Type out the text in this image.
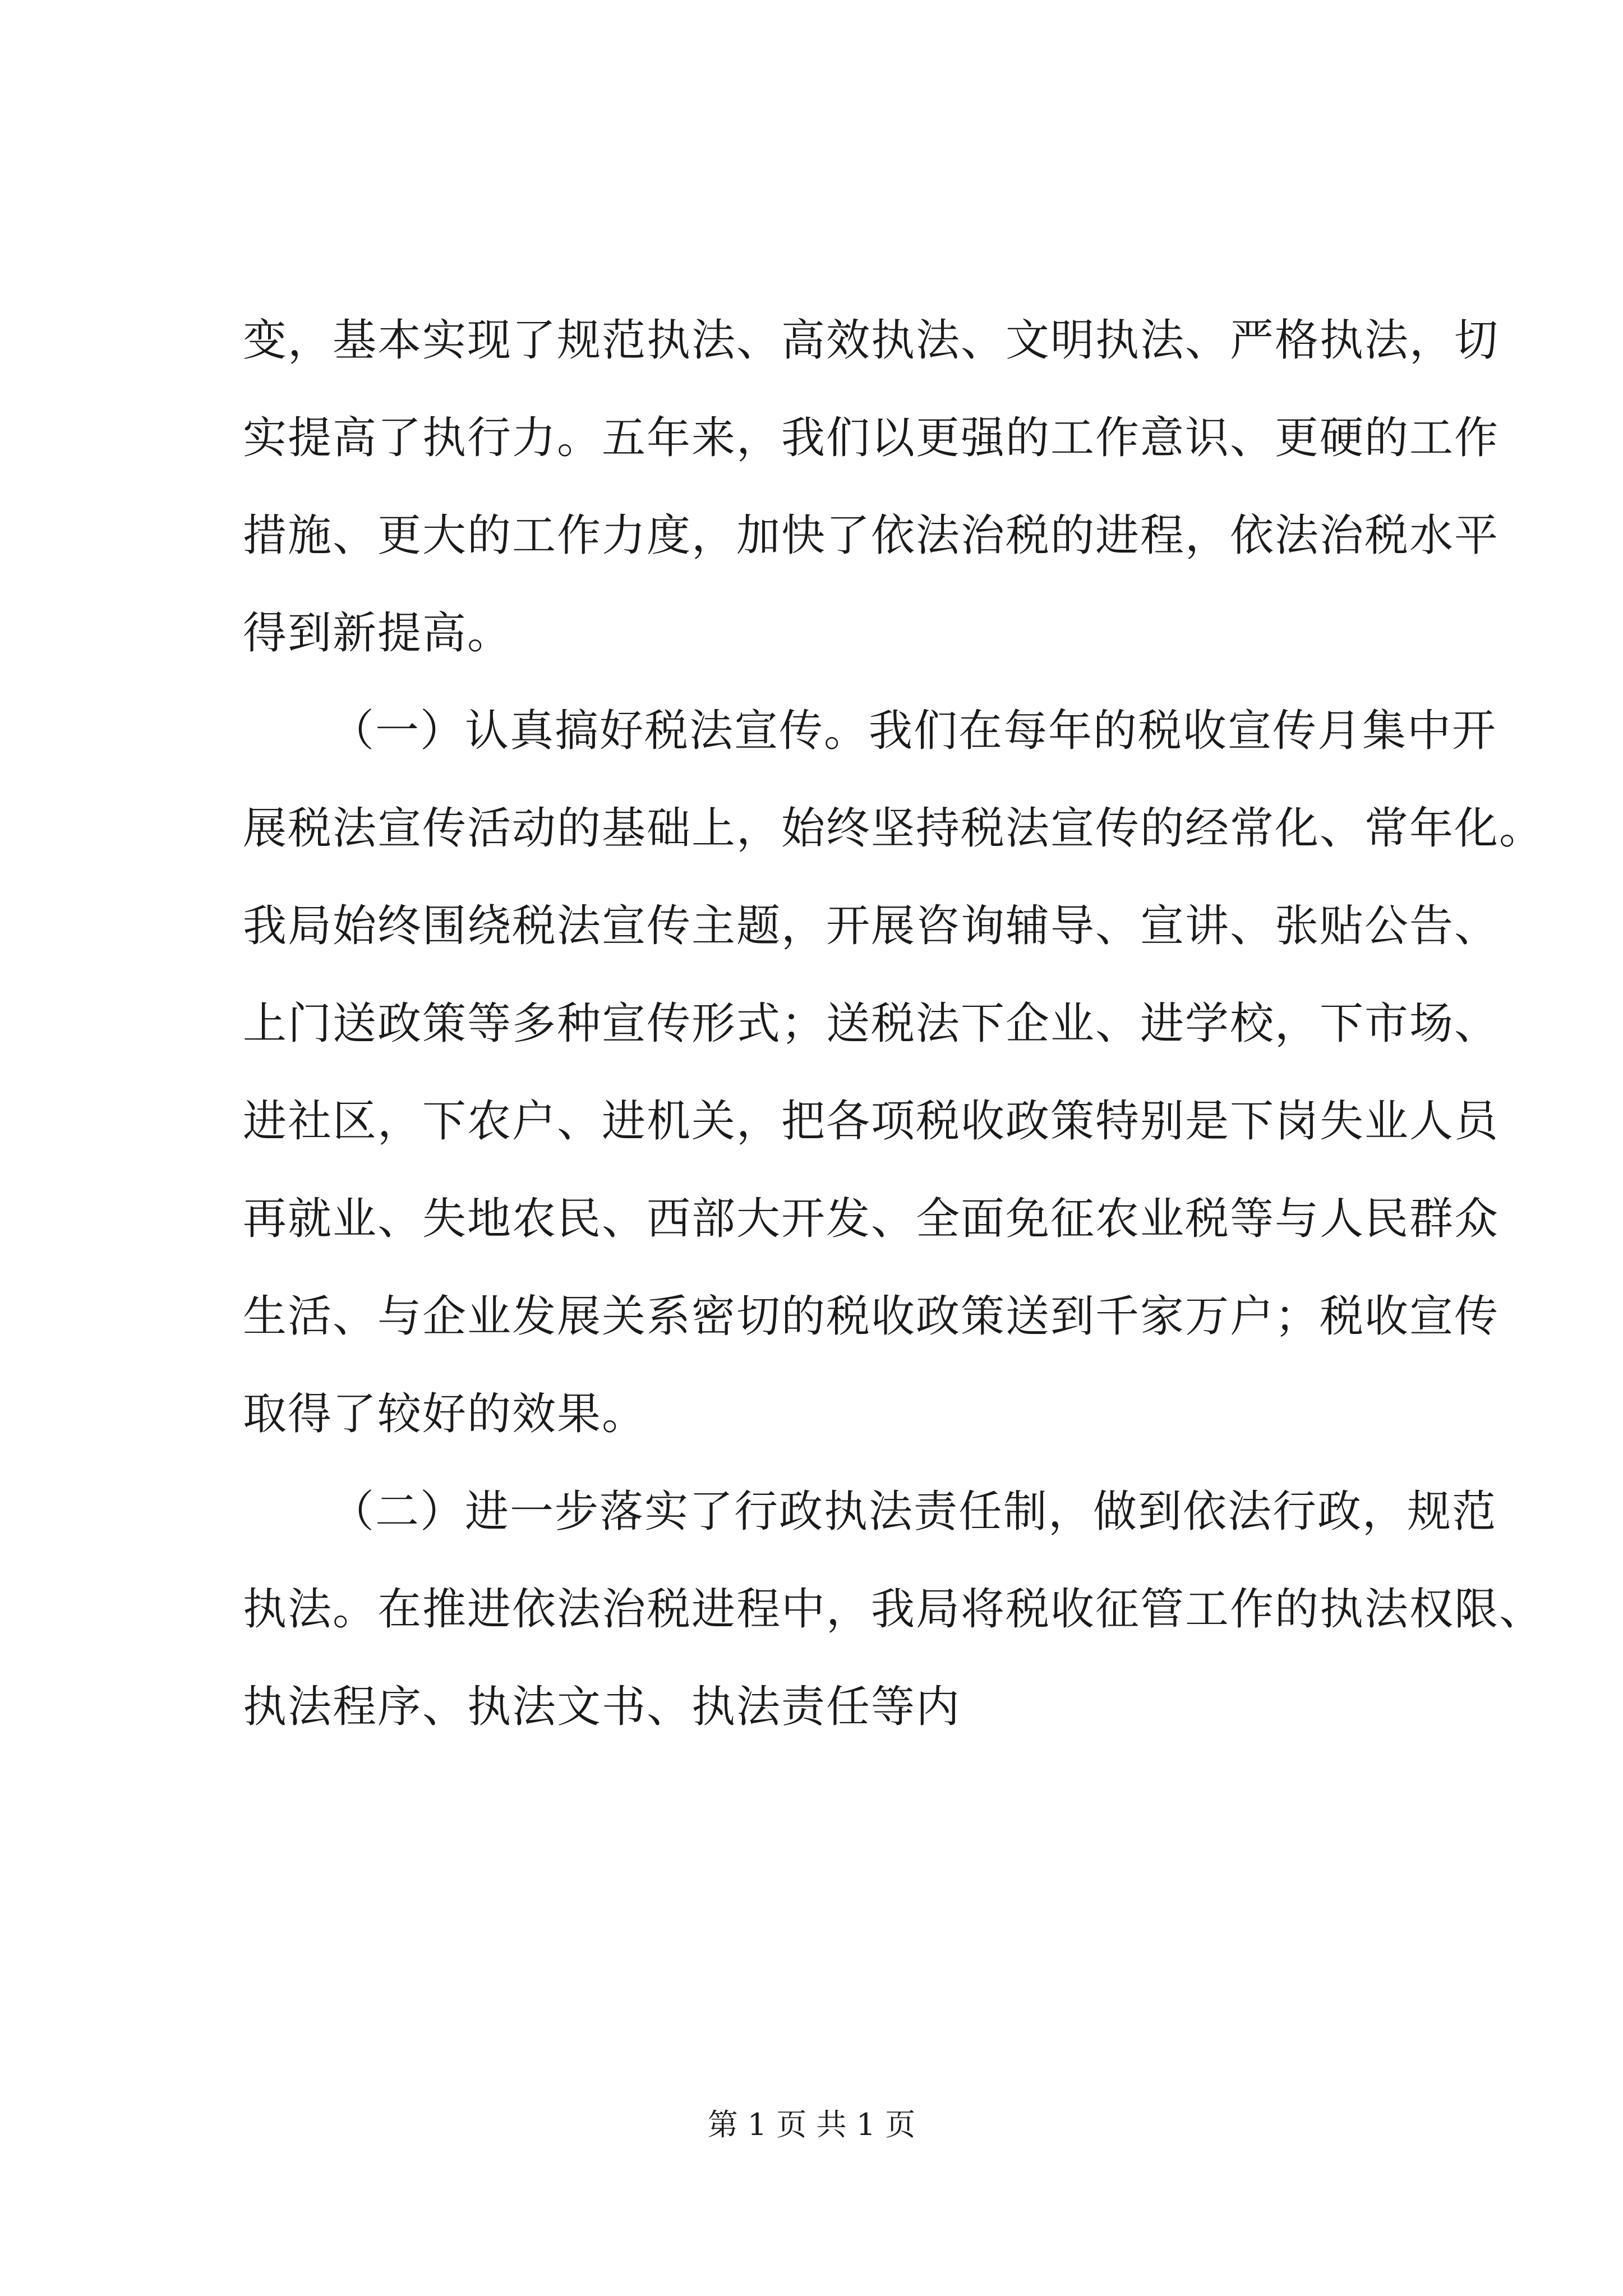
变，基本实现了规范执法、高效执法、文明执法、严格执法，切
实提高了执行力。五年来，我们以更强的工作意识、更硬的工作
措施、更大的工作力度，加快了依法治税的进程，依法治税水平
得到新提高。
（一）认真搞好税法宣传。我们在每年的税收宣传月集中开
展税法宣传活动的基础上，始终坚持税法宣传的经常化、常年化。
我局始终围绕税法宣传主题，开展咨询辅导、宣讲、张贴公告、
上门送政策等多种宣传形式；送税法下企业、进学校，下市场、
进社区，下农户、进机关，把各项税收政策特别是下岗失业人员
再就业、失地农民、西部大开发、全面免征农业税等与人民群众
生活、与企业发展关系密切的税收政策送到千家万户；税收宣传
取得了较好的效果。
（二）进一步落实了行政执法责任制，做到依法行政，规范
执法。在推进依法治税进程中，我局将税收征管工作的执法权限、
执法程序、执法文书、执法责任等内
第 1 页 共 1 页
